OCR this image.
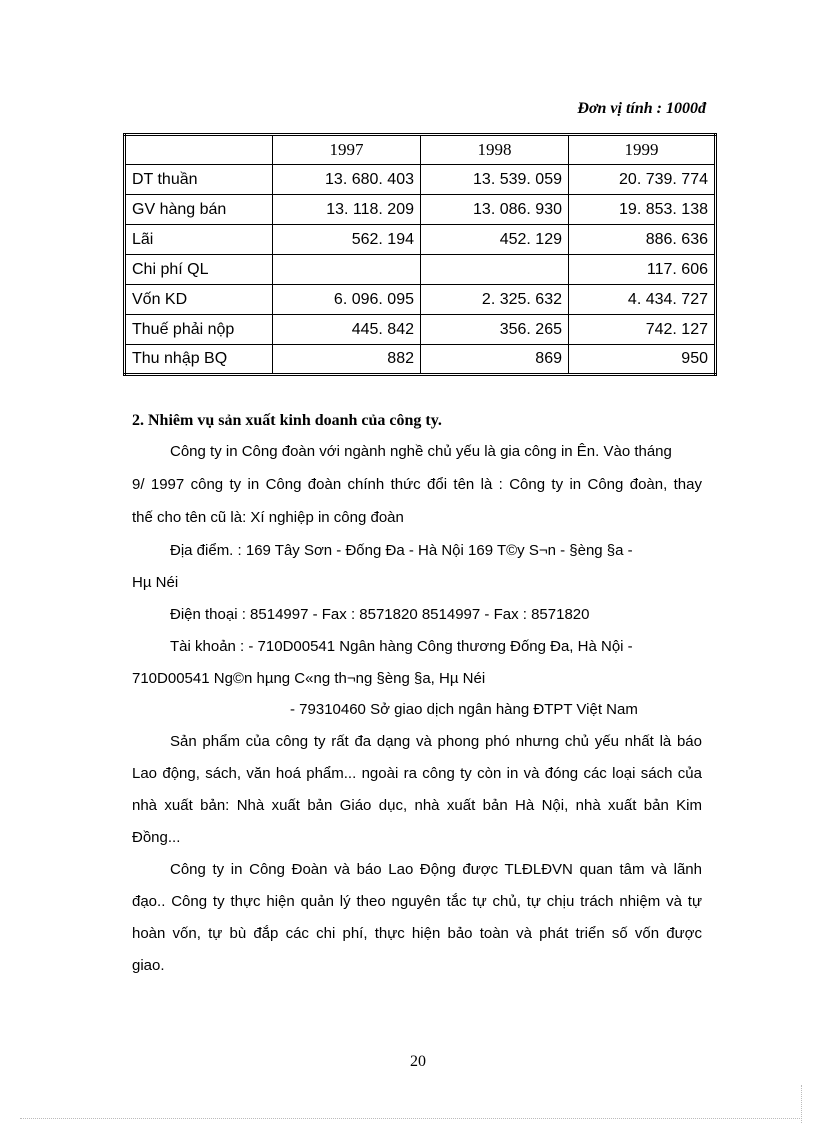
Đơn vị tính : 1000đ
	1997	1998	1999
DT thuần	13. 680. 403	13. 539. 059	20. 739. 774
GV hàng bán	13. 118. 209	13. 086. 930	19. 853. 138
Lãi	562. 194	452. 129	886. 636
Chi phí QL			117. 606
Vốn KD	6. 096. 095	2. 325. 632	4. 434. 727
Thuế phải nộp	445. 842	356. 265	742. 127
Thu nhập BQ	882	869	950
2. Nhiêm vụ sản xuất kinh doanh của công ty.
Công ty in Công đoàn với ngành nghề chủ yếu là gia công in Ên. Vào tháng
9/ 1997 công ty in Công đoàn chính thức đổi tên là : Công ty in Công đoàn, thay
thế cho tên cũ là: Xí nghiệp in công đoàn
Địa điểm. : 169 Tây Sơn - Đống Đa - Hà Nội 169 T©y S¬n - §èng §a -
Hµ Néi
Điện thoại : 8514997 - Fax : 8571820 8514997 - Fax : 8571820
Tài khoản : - 710D00541 Ngân hàng Công thương Đống Đa, Hà Nội -
710D00541 Ng©n hµng C«ng th¬ng §èng §a, Hµ Néi
- 79310460 Sở giao dịch ngân hàng ĐTPT Việt Nam
Sản phẩm của công ty rất đa dạng và phong phó nhưng chủ yếu nhất là báo
Lao động, sách, văn hoá phẩm... ngoài ra công ty còn in và đóng các loại sách của
nhà xuất bản: Nhà xuất bản Giáo dục, nhà xuất bản Hà Nội, nhà xuất bản Kim
Đồng...
Công ty in Công Đoàn và báo Lao Động được TLĐLĐVN quan tâm và lãnh
đạo.. Công ty thực hiện quản lý theo nguyên tắc tự chủ, tự chịu trách nhiệm và tự
hoàn vốn, tự bù đắp các chi phí, thực hiện bảo toàn và phát triển số vốn được
giao.
20
